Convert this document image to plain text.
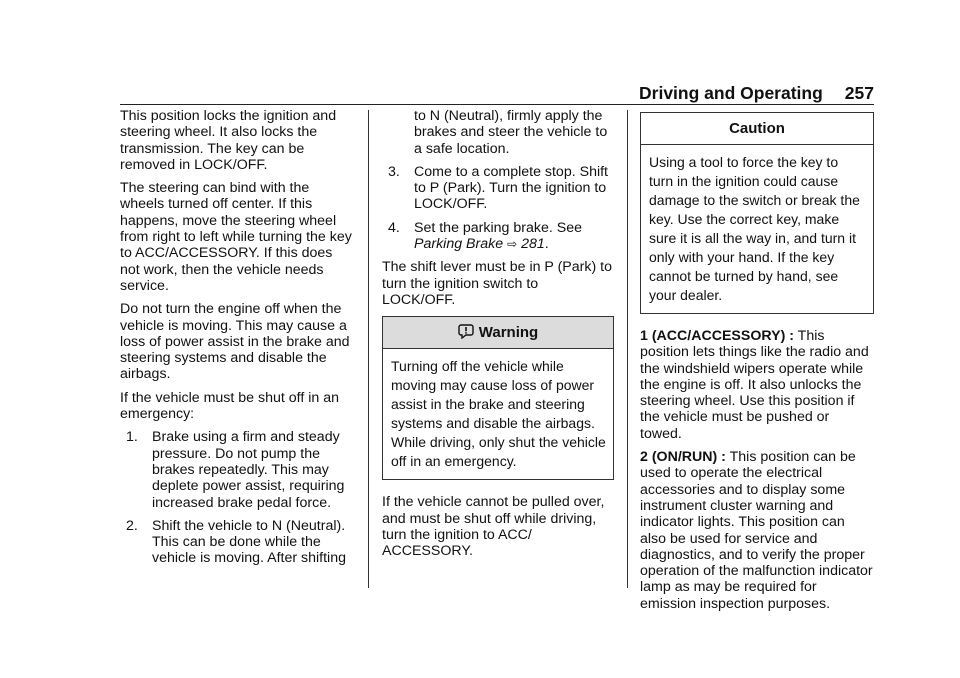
Driving and Operating 257

This position locks the ignition and steering wheel. It also locks the transmission. The key can be removed in LOCK/OFF.

The steering can bind with the wheels turned off center. If this happens, move the steering wheel from right to left while turning the key to ACC/ACCESSORY. If this does not work, then the vehicle needs service.

Do not turn the engine off when the vehicle is moving. This may cause a loss of power assist in the brake and steering systems and disable the airbags.

If the vehicle must be shut off in an emergency:

1. Brake using a firm and steady pressure. Do not pump the brakes repeatedly. This may deplete power assist, requiring increased brake pedal force.
2. Shift the vehicle to N (Neutral). This can be done while the vehicle is moving. After shifting
to N (Neutral), firmly apply the brakes and steer the vehicle to a safe location.
3. Come to a complete stop. Shift to P (Park). Turn the ignition to LOCK/OFF.
4. Set the parking brake. See
Parking Brake ⇨ 281.

The shift lever must be in P (Park) to turn the ignition switch to LOCK/OFF.

Warning
Turning off the vehicle while moving may cause loss of power assist in the brake and steering systems and disable the airbags. While driving, only shut the vehicle off in an emergency.

If the vehicle cannot be pulled over, and must be shut off while driving, turn the ignition to ACC/ ACCESSORY.

Caution
Using a tool to force the key to turn in the ignition could cause damage to the switch or break the key. Use the correct key, make sure it is all the way in, and turn it only with your hand. If the key cannot be turned by hand, see your dealer.

1 (ACC/ACCESSORY) : This position lets things like the radio and the windshield wipers operate while the engine is off. It also unlocks the steering wheel. Use this position if the vehicle must be pushed or towed.

2 (ON/RUN) : This position can be used to operate the electrical accessories and to display some instrument cluster warning and indicator lights. This position can also be used for service and diagnostics, and to verify the proper operation of the malfunction indicator lamp as may be required for emission inspection purposes.
